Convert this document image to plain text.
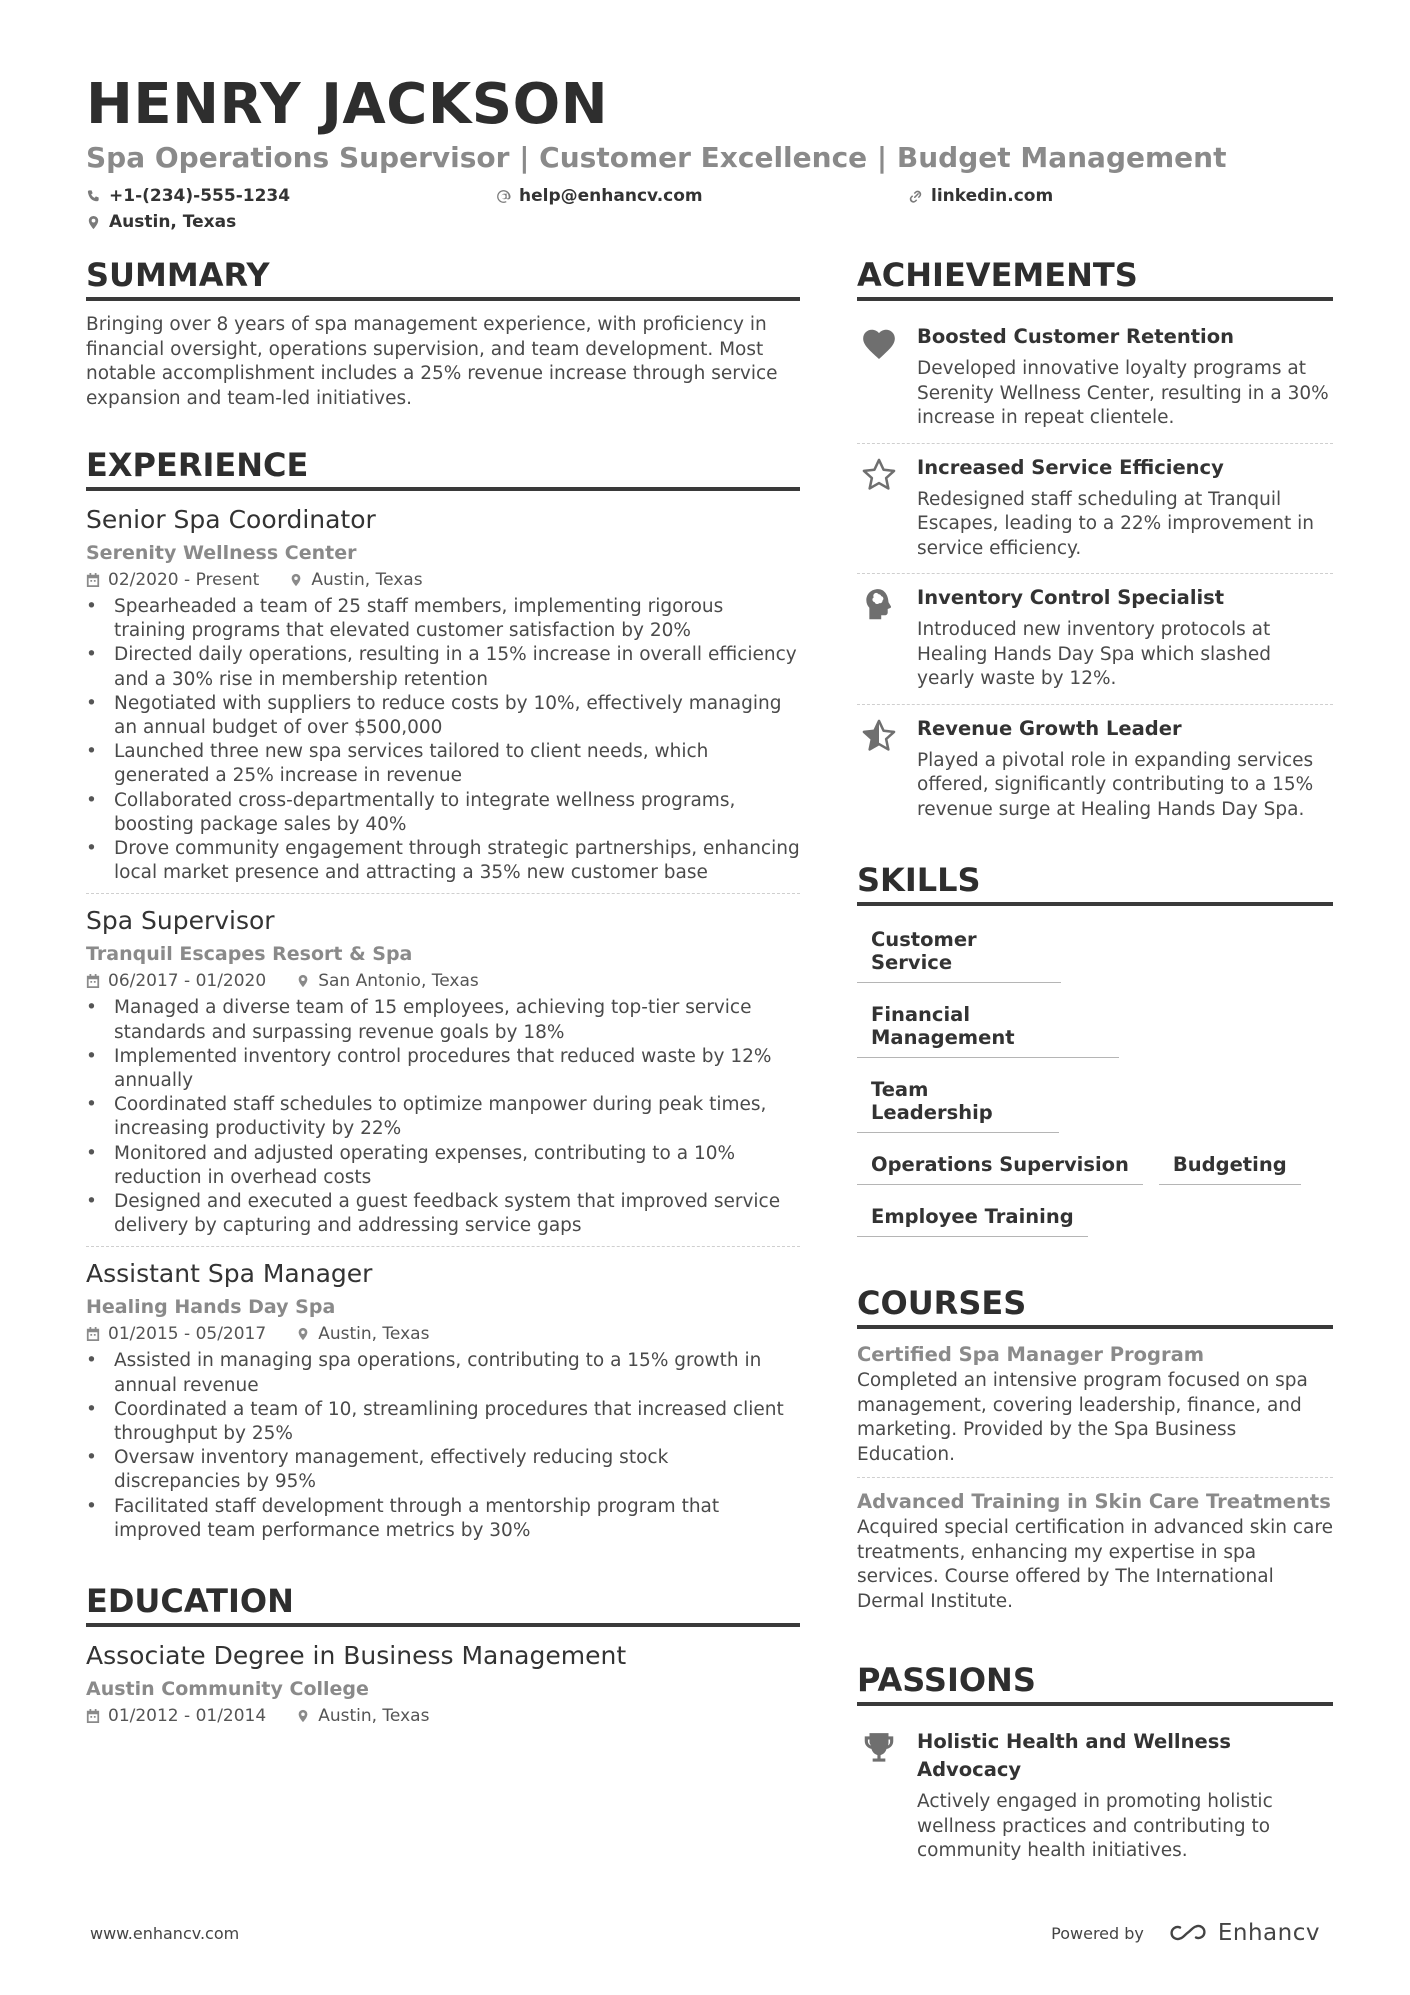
HENRY JACKSON
Spa Operations Supervisor | Customer Excellence | Budget Management
+1-(234)-555-1234	help@enhancv.com	linkedin.com
Austin, Texas
SUMMARY
Bringing over 8 years of spa management experience, with proficiency in financial oversight, operations supervision, and team development. Most notable accomplishment includes a 25% revenue increase through service expansion and team-led initiatives.
EXPERIENCE
Senior Spa Coordinator
Serenity Wellness Center
02/2020 - Present	Austin, Texas
• Spearheaded a team of 25 staff members, implementing rigorous training programs that elevated customer satisfaction by 20%
• Directed daily operations, resulting in a 15% increase in overall efficiency and a 30% rise in membership retention
• Negotiated with suppliers to reduce costs by 10%, effectively managing an annual budget of over $500,000
• Launched three new spa services tailored to client needs, which generated a 25% increase in revenue
• Collaborated cross-departmentally to integrate wellness programs, boosting package sales by 40%
• Drove community engagement through strategic partnerships, enhancing local market presence and attracting a 35% new customer base
Spa Supervisor
Tranquil Escapes Resort & Spa
06/2017 - 01/2020	San Antonio, Texas
• Managed a diverse team of 15 employees, achieving top-tier service standards and surpassing revenue goals by 18%
• Implemented inventory control procedures that reduced waste by 12% annually
• Coordinated staff schedules to optimize manpower during peak times, increasing productivity by 22%
• Monitored and adjusted operating expenses, contributing to a 10% reduction in overhead costs
• Designed and executed a guest feedback system that improved service delivery by capturing and addressing service gaps
Assistant Spa Manager
Healing Hands Day Spa
01/2015 - 05/2017	Austin, Texas
• Assisted in managing spa operations, contributing to a 15% growth in annual revenue
• Coordinated a team of 10, streamlining procedures that increased client throughput by 25%
• Oversaw inventory management, effectively reducing stock discrepancies by 95%
• Facilitated staff development through a mentorship program that improved team performance metrics by 30%
EDUCATION
Associate Degree in Business Management
Austin Community College
01/2012 - 01/2014	Austin, Texas
ACHIEVEMENTS
Boosted Customer Retention
Developed innovative loyalty programs at Serenity Wellness Center, resulting in a 30% increase in repeat clientele.
Increased Service Efficiency
Redesigned staff scheduling at Tranquil Escapes, leading to a 22% improvement in service efficiency.
Inventory Control Specialist
Introduced new inventory protocols at Healing Hands Day Spa which slashed yearly waste by 12%.
Revenue Growth Leader
Played a pivotal role in expanding services offered, significantly contributing to a 15% revenue surge at Healing Hands Day Spa.
SKILLS
Customer Service
Financial Management
Team Leadership
Operations Supervision	Budgeting
Employee Training
COURSES
Certified Spa Manager Program
Completed an intensive program focused on spa management, covering leadership, finance, and marketing. Provided by the Spa Business Education.
Advanced Training in Skin Care Treatments
Acquired special certification in advanced skin care treatments, enhancing my expertise in spa services. Course offered by The International Dermal Institute.
PASSIONS
Holistic Health and Wellness Advocacy
Actively engaged in promoting holistic wellness practices and contributing to community health initiatives.
www.enhancv.com	Powered by	Enhancv
